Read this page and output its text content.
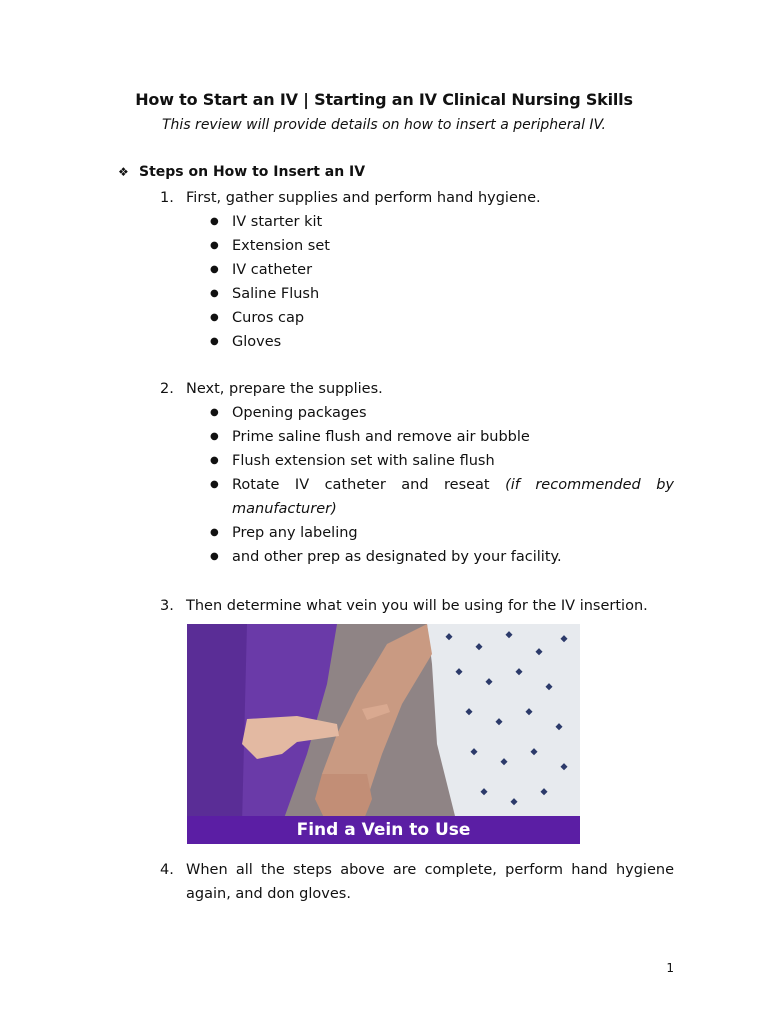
How to Start an IV | Starting an IV Clinical Nursing Skills
This review will provide details on how to insert a peripheral IV.
❖ Steps on How to Insert an IV
1. First, gather supplies and perform hand hygiene.
● IV starter kit
● Extension set
● IV catheter
● Saline Flush
● Curos cap
● Gloves
2. Next, prepare the supplies.
● Opening packages
● Prime saline flush and remove air bubble
● Flush extension set with saline flush
● Rotate IV catheter and reseat (if recommended by
manufacturer)
● Prep any labeling
● and other prep as designated by your facility.
3. Then determine what vein you will be using for the IV insertion.
Find a Vein to Use
4. When all the steps above are complete, perform hand hygiene again, and don gloves.
1
